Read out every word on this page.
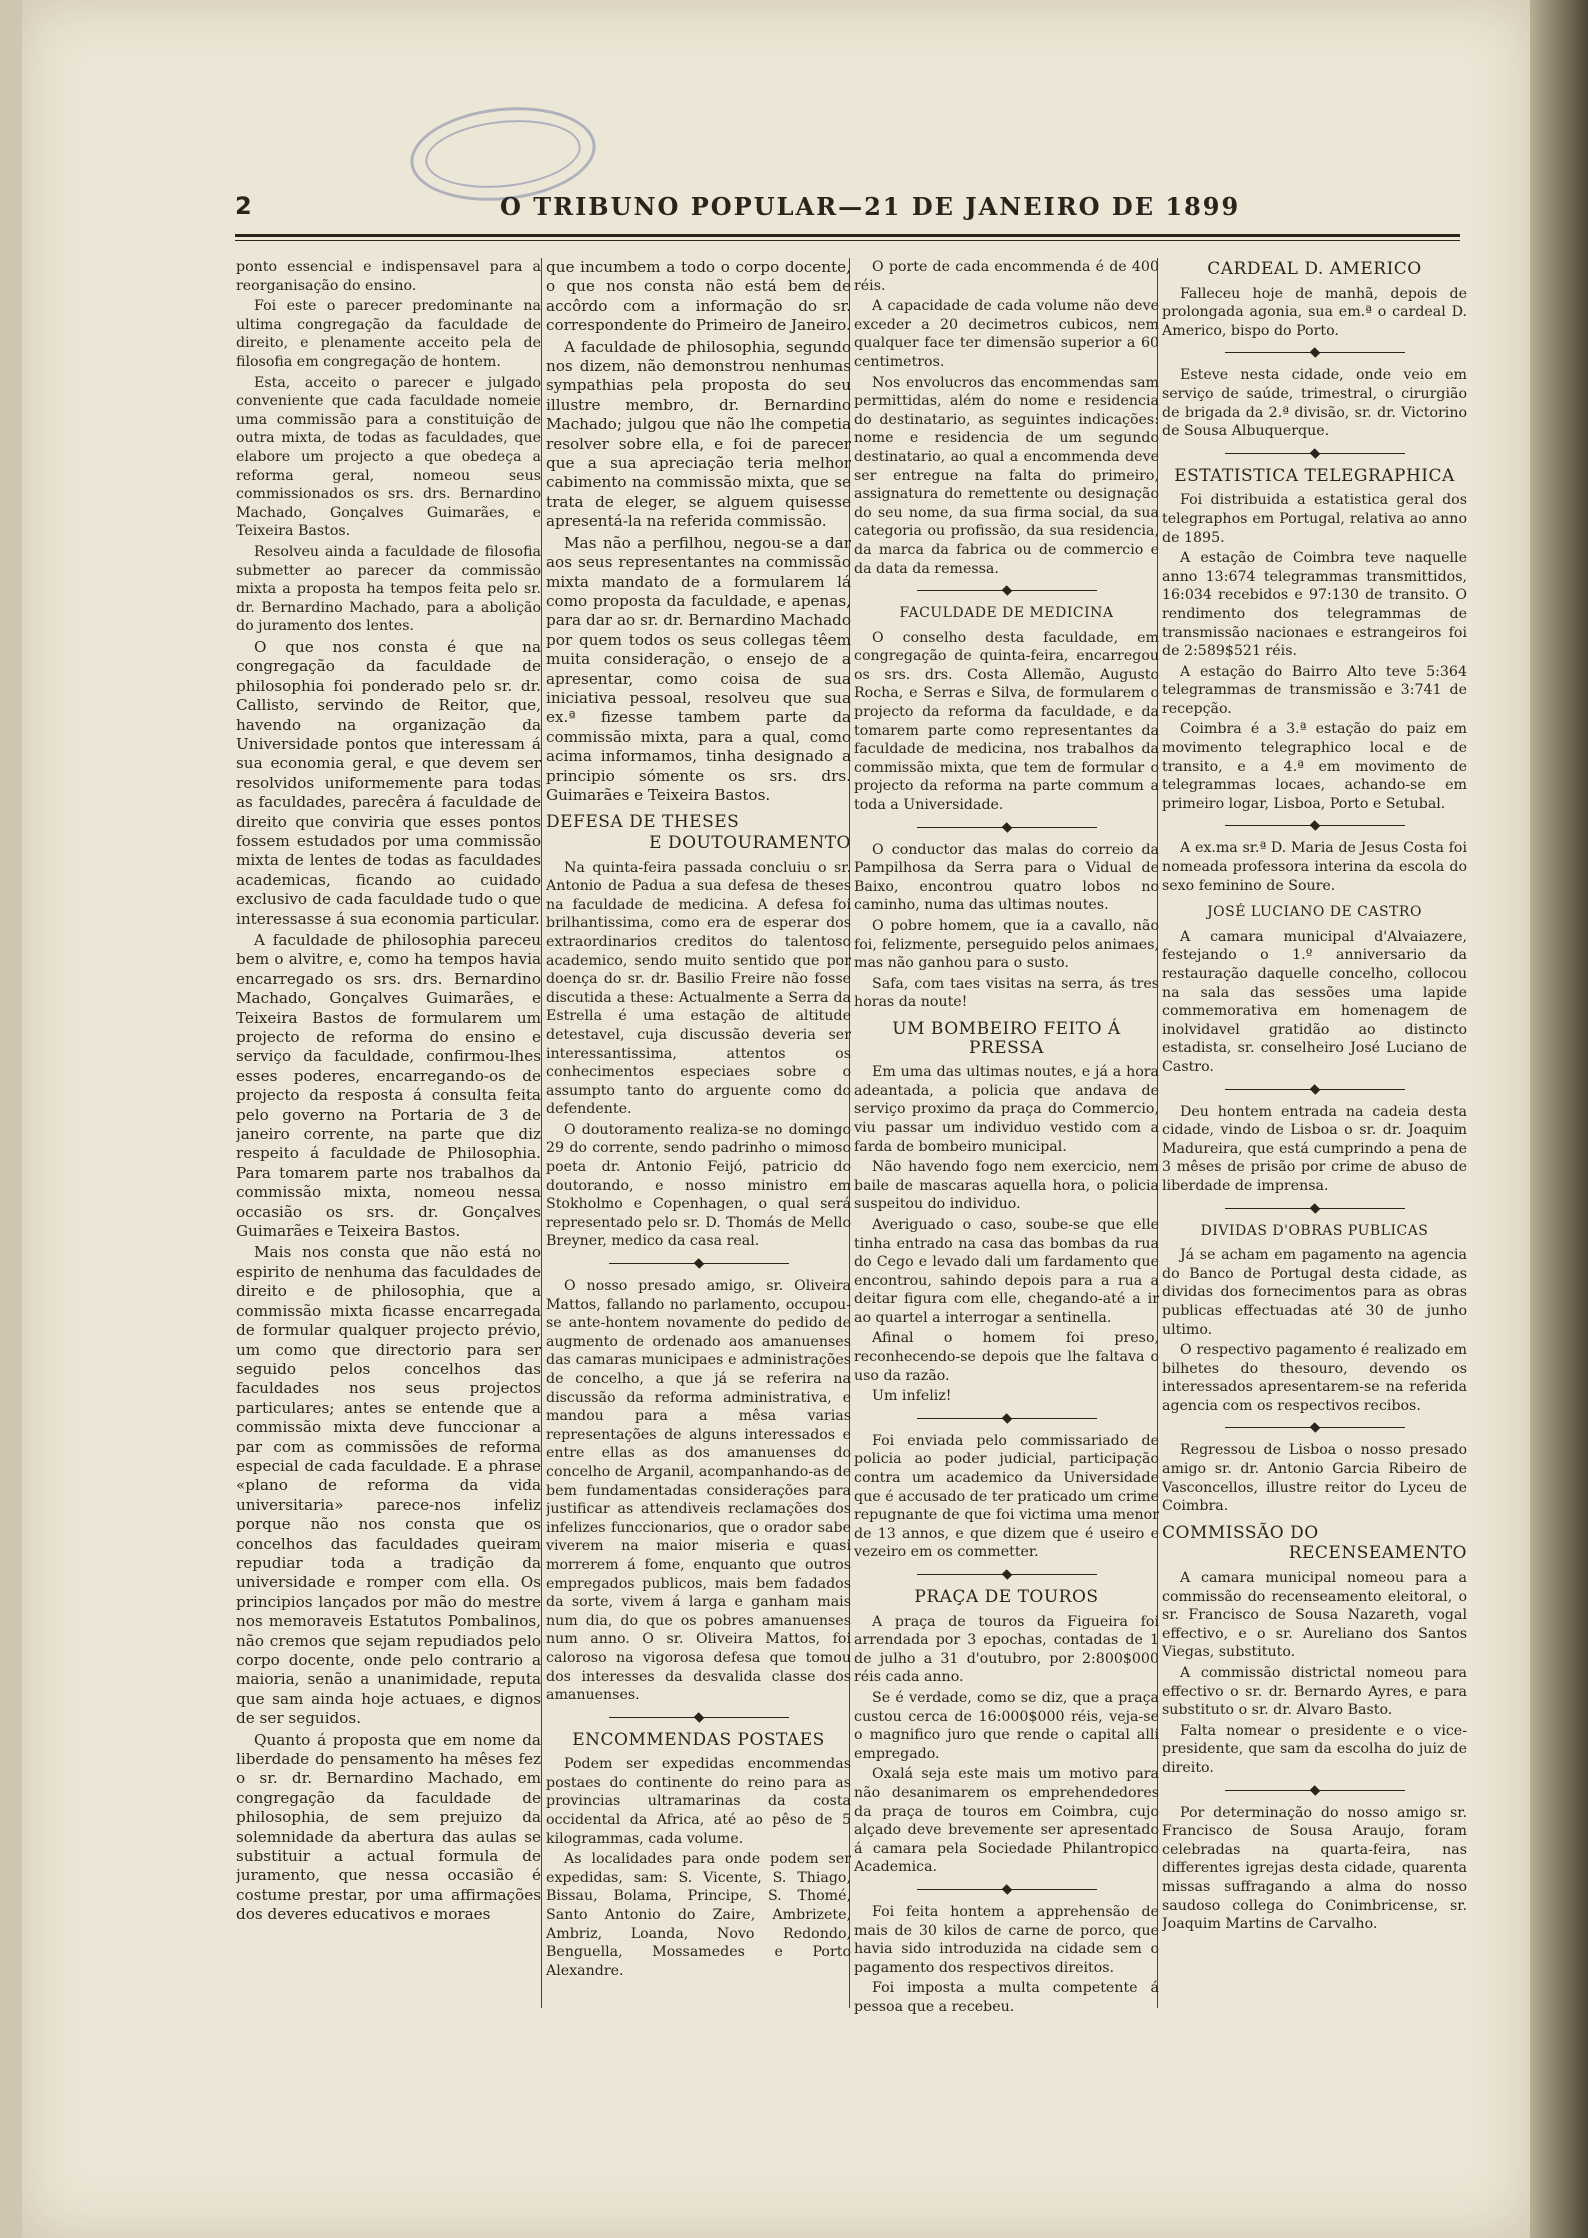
2	O TRIBUNO POPULAR—21 DE JANEIRO DE 1899

ponto essencial e indispensavel para a reorganisação do ensino.

Foi este o parecer predominante na ultima congregação da faculdade de direito, e plenamente acceito pela de filosofia em congregação de hontem.

Esta, acceito o parecer e julgado conveniente que cada faculdade nomeie uma commissão para a constituição de outra mixta, de todas as faculdades, que elabore um projecto a que obedeça a reforma geral, nomeou seus commissionados os srs. drs. Bernardino Machado, Gonçalves Guimarães, e Teixeira Bastos.

Resolveu ainda a faculdade de filosofia submetter ao parecer da commissão mixta a proposta ha tempos feita pelo sr. dr. Bernardino Machado, para a abolição do juramento dos lentes.

O que nos consta é que na congregação da faculdade de philosophia foi ponderado pelo sr. dr. Callisto, servindo de Reitor, que, havendo na organização da Universidade pontos que interessam á sua economia geral, e que devem ser resolvidos uniformemente para todas as faculdades, parecêra á faculdade de direito que conviria que esses pontos fossem estudados por uma commissão mixta de lentes de todas as faculdades academicas, ficando ao cuidado exclusivo de cada faculdade tudo o que interessasse á sua economia particular.

A faculdade de philosophia pareceu bem o alvitre, e, como ha tempos havia encarregado os srs. drs. Bernardino Machado, Gonçalves Guimarães, e Teixeira Bastos de formularem um projecto de reforma do ensino e serviço da faculdade, confirmou-lhes esses poderes, encarregando-os de projecto da resposta á consulta feita pelo governo na Portaria de 3 de janeiro corrente, na parte que diz respeito á faculdade de Philosophia. Para tomarem parte nos trabalhos da commissão mixta, nomeou nessa occasião os srs. dr. Gonçalves Guimarães e Teixeira Bastos.

Mais nos consta que não está no espirito de nenhuma das faculdades de direito e de philosophia, que a commissão mixta ficasse encarregada de formular qualquer projecto prévio, um como que directorio para ser seguido pelos concelhos das faculdades nos seus projectos particulares; antes se entende que a commissão mixta deve funccionar a par com as commissões de reforma especial de cada faculdade. E a phrase «plano de reforma da vida universitaria» parece-nos infeliz porque não nos consta que os concelhos das faculdades queiram repudiar toda a tradição da universidade e romper com ella. Os principios lançados por mão do mestre nos memoraveis Estatutos Pombalinos, não cremos que sejam repudiados pelo corpo docente, onde pelo contrario a maioria, senão a unanimidade, reputa que sam ainda hoje actuaes, e dignos de ser seguidos.

Quanto á proposta que em nome da liberdade do pensamento ha mêses fez o sr. dr. Bernardino Machado, em congregação da faculdade de philosophia, de sem prejuizo da solemnidade da abertura das aulas se substituir a actual formula de juramento, que nessa occasião é costume prestar, por uma affirmações dos deveres educativos e moraes

que incumbem a todo o corpo docente, o que nos consta não está bem de accôrdo com a informação do sr. correspondente do Primeiro de Janeiro.

A faculdade de philosophia, segundo nos dizem, não demonstrou nenhumas sympathias pela proposta do seu illustre membro, dr. Bernardino Machado; julgou que não lhe competia resolver sobre ella, e foi de parecer que a sua apreciação teria melhor cabimento na commissão mixta, que se trata de eleger, se alguem quisesse apresentá-la na referida commissão.

Mas não a perfilhou, negou-se a dar aos seus representantes na commissão mixta mandato de a formularem lá como proposta da faculdade, e apenas, para dar ao sr. dr. Bernardino Machado por quem todos os seus collegas têem muita consideração, o ensejo de a apresentar, como coisa de sua iniciativa pessoal, resolveu que sua ex.ª fizesse tambem parte da commissão mixta, para a qual, como acima informamos, tinha designado a principio sómente os srs. drs. Guimarães e Teixeira Bastos.

DEFESA DE THESES
E DOUTOURAMENTO

Na quinta-feira passada concluiu o sr. Antonio de Padua a sua defesa de theses na faculdade de medicina. A defesa foi brilhantissima, como era de esperar dos extraordinarios creditos do talentoso academico, sendo muito sentido que por doença do sr. dr. Basilio Freire não fosse discutida a these: Actualmente a Serra da Estrella é uma estação de altitude detestavel, cuja discussão deveria ser interessantissima, attentos os conhecimentos especiaes sobre o assumpto tanto do arguente como do defendente.

O doutoramento realiza-se no domingo 29 do corrente, sendo padrinho o mimoso poeta dr. Antonio Feijó, patricio do doutorando, e nosso ministro em Stokholmo e Copenhagen, o qual será representado pelo sr. D. Thomás de Mello Breyner, medico da casa real.

O nosso presado amigo, sr. Oliveira Mattos, fallando no parlamento, occupou-se ante-hontem novamente do pedido de augmento de ordenado aos amanuenses das camaras municipaes e administrações de concelho, a que já se referira na discussão da reforma administrativa, e mandou para a mêsa varias representações de alguns interessados e entre ellas as dos amanuenses do concelho de Arganil, acompanhando-as de bem fundamentadas considerações para justificar as attendiveis reclamações dos infelizes funccionarios, que o orador sabe viverem na maior miseria e quasi morrerem á fome, enquanto que outros empregados publicos, mais bem fadados da sorte, vivem á larga e ganham mais num dia, do que os pobres amanuenses num anno. O sr. Oliveira Mattos, foi caloroso na vigorosa defesa que tomou dos interesses da desvalida classe dos amanuenses.

ENCOMMENDAS POSTAES

Podem ser expedidas encommendas postaes do continente do reino para as provincias ultramarinas da costa occidental da Africa, até ao pêso de 5 kilogrammas, cada volume.

As localidades para onde podem ser expedidas, sam: S. Vicente, S. Thiago, Bissau, Bolama, Principe, S. Thomé, Santo Antonio do Zaire, Ambrizete, Ambriz, Loanda, Novo Redondo, Benguella, Mossamedes e Porto Alexandre.

O porte de cada encommenda é de 400 réis.

A capacidade de cada volume não deve exceder a 20 decimetros cubicos, nem qualquer face ter dimensão superior a 60 centimetros.

Nos envolucros das encommendas sam permittidas, além do nome e residencia do destinatario, as seguintes indicações: nome e residencia de um segundo destinatario, ao qual a encommenda deve ser entregue na falta do primeiro, assignatura do remettente ou designação do seu nome, da sua firma social, da sua categoria ou profissão, da sua residencia, da marca da fabrica ou de commercio e da data da remessa.

FACULDADE DE MEDICINA

O conselho desta faculdade, em congregação de quinta-feira, encarregou os srs. drs. Costa Allemão, Augusto Rocha, e Serras e Silva, de formularem o projecto da reforma da faculdade, e da tomarem parte como representantes da faculdade de medicina, nos trabalhos da commissão mixta, que tem de formular o projecto da reforma na parte commum a toda a Universidade.

O conductor das malas do correio da Pampilhosa da Serra para o Vidual de Baixo, encontrou quatro lobos no caminho, numa das ultimas noutes.

O pobre homem, que ia a cavallo, não foi, felizmente, perseguido pelos animaes, mas não ganhou para o susto.

Safa, com taes visitas na serra, ás tres horas da noute!

UM BOMBEIRO FEITO Á PRESSA

Em uma das ultimas noutes, e já a hora adeantada, a policia que andava de serviço proximo da praça do Commercio, viu passar um individuo vestido com a farda de bombeiro municipal.

Não havendo fogo nem exercicio, nem baile de mascaras aquella hora, o policia suspeitou do individuo.

Averiguado o caso, soube-se que elle tinha entrado na casa das bombas da rua do Cego e levado dali um fardamento que encontrou, sahindo depois para a rua a deitar figura com elle, chegando-até a ir ao quartel a interrogar a sentinella.

Afinal o homem foi preso, reconhecendo-se depois que lhe faltava o uso da razão.

Um infeliz!

Foi enviada pelo commissariado de policia ao poder judicial, participação contra um academico da Universidade que é accusado de ter praticado um crime repugnante de que foi victima uma menor de 13 annos, e que dizem que é useiro e vezeiro em os commetter.

PRAÇA DE TOUROS

A praça de touros da Figueira foi arrendada por 3 epochas, contadas de 1 de julho a 31 d'outubro, por 2:800$000 réis cada anno.

Se é verdade, como se diz, que a praça custou cerca de 16:000$000 réis, veja-se o magnifico juro que rende o capital alli empregado.

Oxalá seja este mais um motivo para não desanimarem os emprehendedores da praça de touros em Coimbra, cujo alçado deve brevemente ser apresentado á camara pela Sociedade Philantropico Academica.

Foi feita hontem a apprehensão de mais de 30 kilos de carne de porco, que havia sido introduzida na cidade sem o pagamento dos respectivos direitos.

Foi imposta a multa competente á pessoa que a recebeu.

CARDEAL D. AMERICO

Falleceu hoje de manhã, depois de prolongada agonia, sua em.ª o cardeal D. Americo, bispo do Porto.

Esteve nesta cidade, onde veio em serviço de saúde, trimestral, o cirurgião de brigada da 2.ª divisão, sr. dr. Victorino de Sousa Albuquerque.

ESTATISTICA TELEGRAPHICA

Foi distribuida a estatistica geral dos telegraphos em Portugal, relativa ao anno de 1895.

A estação de Coimbra teve naquelle anno 13:674 telegrammas transmittidos, 16:034 recebidos e 97:130 de transito. O rendimento dos telegrammas de transmissão nacionaes e estrangeiros foi de 2:589$521 réis.

A estação do Bairro Alto teve 5:364 telegrammas de transmissão e 3:741 de recepção.

Coimbra é a 3.ª estação do paiz em movimento telegraphico local e de transito, e a 4.ª em movimento de telegrammas locaes, achando-se em primeiro logar, Lisboa, Porto e Setubal.

A ex.ma sr.ª D. Maria de Jesus Costa foi nomeada professora interina da escola do sexo feminino de Soure.

JOSÉ LUCIANO DE CASTRO

A camara municipal d'Alvaiazere, festejando o 1.º anniversario da restauração daquelle concelho, collocou na sala das sessões uma lapide commemorativa em homenagem de inolvidavel gratidão ao distincto estadista, sr. conselheiro José Luciano de Castro.

Deu hontem entrada na cadeia desta cidade, vindo de Lisboa o sr. dr. Joaquim Madureira, que está cumprindo a pena de 3 mêses de prisão por crime de abuso de liberdade de imprensa.

DIVIDAS D'OBRAS PUBLICAS

Já se acham em pagamento na agencia do Banco de Portugal desta cidade, as dividas dos fornecimentos para as obras publicas effectuadas até 30 de junho ultimo.

O respectivo pagamento é realizado em bilhetes do thesouro, devendo os interessados apresentarem-se na referida agencia com os respectivos recibos.

Regressou de Lisboa o nosso presado amigo sr. dr. Antonio Garcia Ribeiro de Vasconcellos, illustre reitor do Lyceu de Coimbra.

COMMISSÃO DO
RECENSEAMENTO

A camara municipal nomeou para a commissão do recenseamento eleitoral, o sr. Francisco de Sousa Nazareth, vogal effectivo, e o sr. Aureliano dos Santos Viegas, substituto.

A commissão districtal nomeou para effectivo o sr. dr. Bernardo Ayres, e para substituto o sr. dr. Alvaro Basto.

Falta nomear o presidente e o vice-presidente, que sam da escolha do juiz de direito.

Por determinação do nosso amigo sr. Francisco de Sousa Araujo, foram celebradas na quarta-feira, nas differentes igrejas desta cidade, quarenta missas suffragando a alma do nosso saudoso collega do Conimbricense, sr. Joaquim Martins de Carvalho.
